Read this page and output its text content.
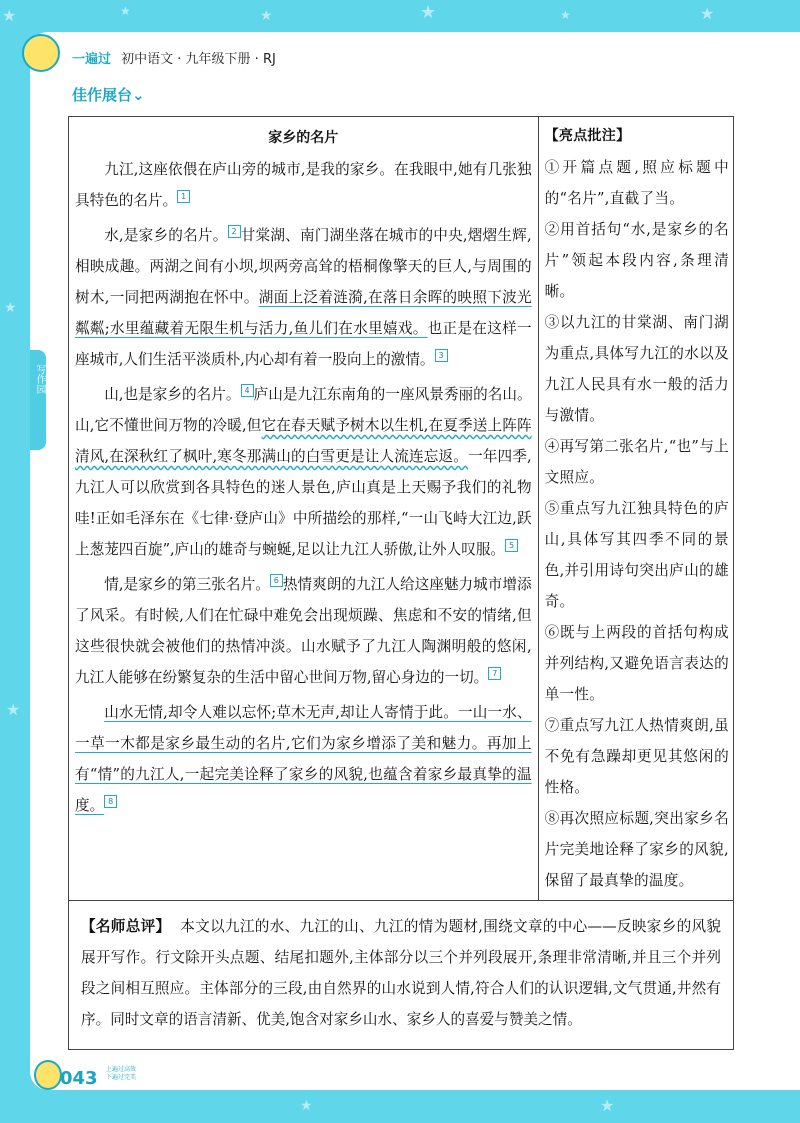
★	★	★	★	★	★
★
★
★	★
一遍过 初中语文 · 九年级下册 · RJ
佳作展台⌄
写作园
家乡的名片

九江,这座依偎在庐山旁的城市,是我的家乡。在我眼中,她有几张独具特色的名片。 1

水,是家乡的名片。 2 甘棠湖、南门湖坐落在城市的中央,熠熠生辉,相映成趣。两湖之间有小坝,坝两旁高耸的梧桐像擎天的巨人,与周围的树木,一同把两湖抱在怀中。湖面上泛着涟漪,在落日余晖的映照下波光粼粼;水里蕴藏着无限生机与活力,鱼儿们在水里嬉戏。也正是在这样一座城市,人们生活平淡质朴,内心却有着一股向上的激情。 3

山,也是家乡的名片。 4 庐山是九江东南角的一座风景秀丽的名山。山,它不懂世间万物的冷暖,但它在春天赋予树木以生机,在夏季送上阵阵清风,在深秋红了枫叶,寒冬那满山的白雪更是让人流连忘返。一年四季,九江人可以欣赏到各具特色的迷人景色,庐山真是上天赐予我们的礼物哇!正如毛泽东在《七律·登庐山》中所描绘的那样,“一山飞峙大江边,跃上葱茏四百旋”,庐山的雄奇与蜿蜒,足以让九江人骄傲,让外人叹服。 5

情,是家乡的第三张名片。 6 热情爽朗的九江人给这座魅力城市增添了风采。有时候,人们在忙碌中难免会出现烦躁、焦虑和不安的情绪,但这些很快就会被他们的热情冲淡。山水赋予了九江人陶渊明般的悠闲,九江人能够在纷繁复杂的生活中留心世间万物,留心身边的一切。 7

山水无情,却令人难以忘怀;草木无声,却让人寄情于此。一山一水、一草一木都是家乡最生动的名片,它们为家乡增添了美和魅力。再加上有“情”的九江人,一起完美诠释了家乡的风貌,也蕴含着家乡最真挚的温度。 8

【亮点批注】

①开篇点题,照应标题中的“名片”,直截了当。

②用首括句“水,是家乡的名片”领起本段内容,条理清晰。

③以九江的甘棠湖、南门湖为重点,具体写九江的水以及九江人民具有水一般的活力与激情。

④再写第二张名片,“也”与上文照应。

⑤重点写九江独具特色的庐山,具体写其四季不同的景色,并引用诗句突出庐山的雄奇。

⑥既与上两段的首括句构成并列结构,又避免语言表达的单一性。

⑦重点写九江人热情爽朗,虽不免有急躁却更见其悠闲的性格。

⑧再次照应标题,突出家乡名片完美地诠释了家乡的风貌,保留了最真挚的温度。

【名师总评】 本文以九江的水、九江的山、九江的情为题材,围绕文章的中心——反映家乡的风貌展开写作。行文除开头点题、结尾扣题外,主体部分以三个并列段展开,条理非常清晰,并且三个并列段之间相互照应。主体部分的三段,由自然界的山水说到人情,符合人们的认识逻辑,文气贯通,井然有序。同时文章的语言清新、优美,饱含对家乡山水、家乡人的喜爱与赞美之情。
043 上遍过高效
下遍过完美
